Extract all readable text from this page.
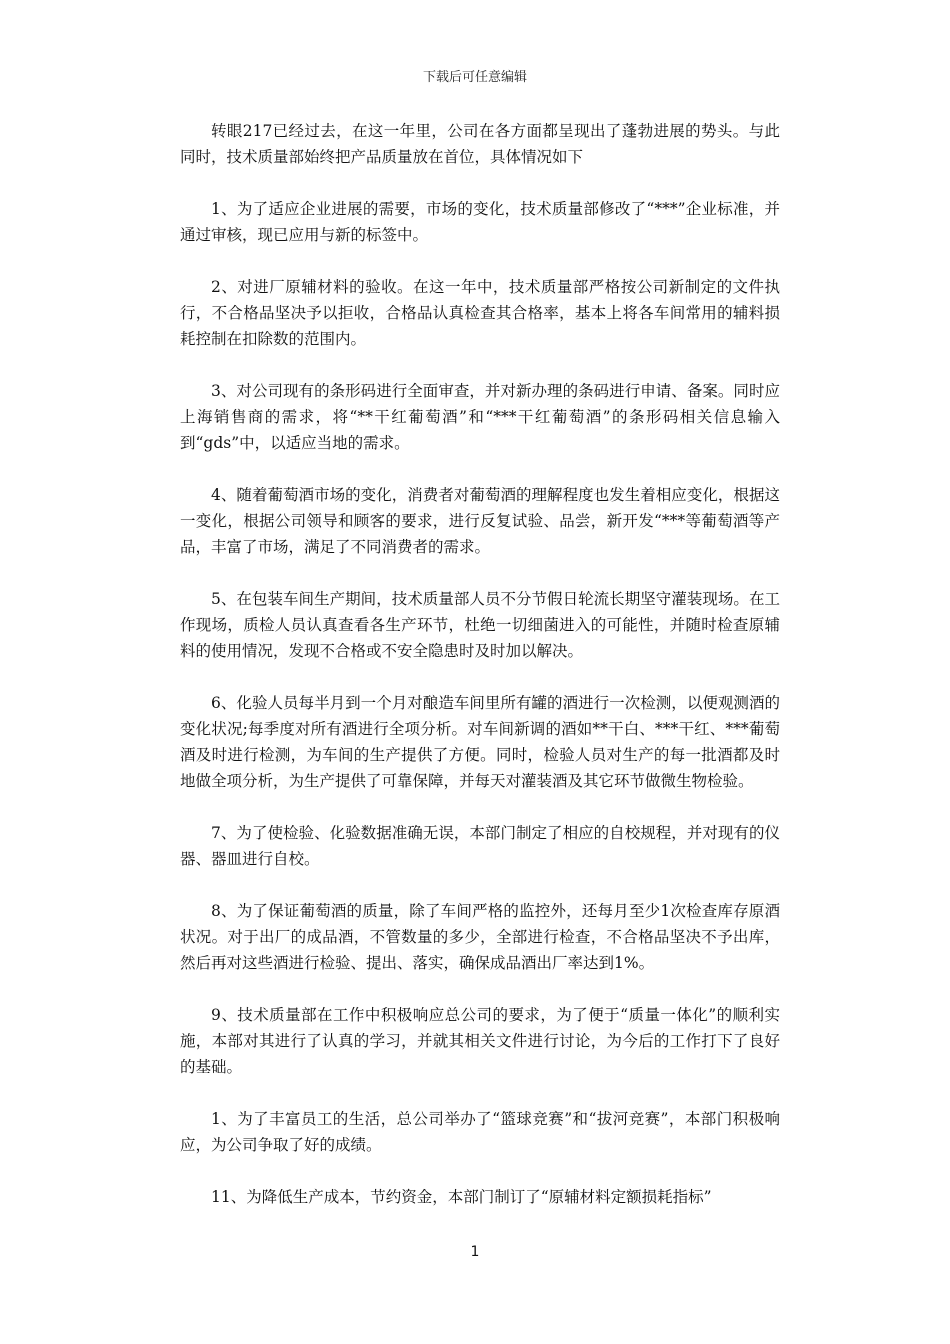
下载后可任意编辑

转眼217已经过去，在这一年里，公司在各方面都呈现出了蓬勃进展的势头。与此同时，技术质量部始终把产品质量放在首位，具体情况如下

1、为了适应企业进展的需要，市场的变化，技术质量部修改了“***”企业标准，并通过审核，现已应用与新的标签中。

2、对进厂原辅材料的验收。在这一年中，技术质量部严格按公司新制定的文件执行，不合格品坚决予以拒收，合格品认真检查其合格率，基本上将各车间常用的辅料损耗控制在扣除数的范围内。

3、对公司现有的条形码进行全面审查，并对新办理的条码进行申请、备案。同时应上海销售商的需求，将“**干红葡萄酒”和“***干红葡萄酒”的条形码相关信息输入到“gds”中，以适应当地的需求。

4、随着葡萄酒市场的变化，消费者对葡萄酒的理解程度也发生着相应变化，根据这一变化，根据公司领导和顾客的要求，进行反复试验、品尝，新开发“***等葡萄酒等产品，丰富了市场，满足了不同消费者的需求。

5、在包装车间生产期间，技术质量部人员不分节假日轮流长期坚守灌装现场。在工作现场，质检人员认真查看各生产环节，杜绝一切细菌进入的可能性，并随时检查原辅料的使用情况，发现不合格或不安全隐患时及时加以解决。

6、化验人员每半月到一个月对酿造车间里所有罐的酒进行一次检测，以便观测酒的变化状况;每季度对所有酒进行全项分析。对车间新调的酒如**干白、***干红、***葡萄酒及时进行检测，为车间的生产提供了方便。同时，检验人员对生产的每一批酒都及时地做全项分析，为生产提供了可靠保障，并每天对灌装酒及其它环节做微生物检验。

7、为了使检验、化验数据准确无误，本部门制定了相应的自校规程，并对现有的仪器、器皿进行自校。

8、为了保证葡萄酒的质量，除了车间严格的监控外，还每月至少1次检查库存原酒状况。对于出厂的成品酒，不管数量的多少，全部进行检查，不合格品坚决不予出库，然后再对这些酒进行检验、提出、落实，确保成品酒出厂率达到1%。

9、技术质量部在工作中积极响应总公司的要求，为了便于“质量一体化”的顺利实施，本部对其进行了认真的学习，并就其相关文件进行讨论，为今后的工作打下了良好的基础。

1、为了丰富员工的生活，总公司举办了“篮球竞赛”和“拔河竞赛”，本部门积极响应，为公司争取了好的成绩。

11、为降低生产成本，节约资金，本部门制订了“原辅材料定额损耗指标”

1
